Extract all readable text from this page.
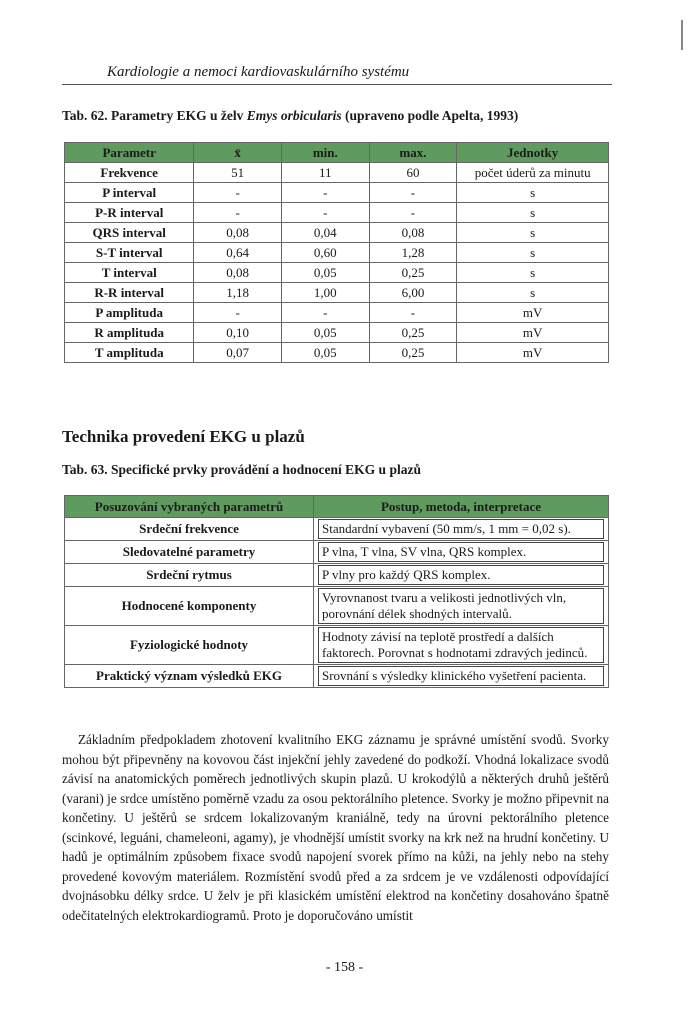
Kardiologie a nemoci kardiovaskulárního systému
Tab. 62. Parametry EKG u želv Emys orbicularis (upraveno podle Apelta, 1993)
Parametr	x̄	min.	max.	Jednotky
Frekvence	51	11	60	počet úderů za minutu
P interval	-	-	-	s
P-R interval	-	-	-	s
QRS interval	0,08	0,04	0,08	s
S-T interval	0,64	0,60	1,28	s
T interval	0,08	0,05	0,25	s
R-R interval	1,18	1,00	6,00	s
P amplituda	-	-	-	mV
R amplituda	0,10	0,05	0,25	mV
T amplituda	0,07	0,05	0,25	mV
Technika provedení EKG u plazů
Tab. 63. Specifické prvky provádění a hodnocení EKG u plazů
Posuzování vybraných parametrů	Postup, metoda, interpretace
Srdeční frekvence	Standardní vybavení (50 mm/s, 1 mm = 0,02 s).

Sledovatelné parametry	P vlna, T vlna, SV vlna, QRS komplex.

Srdeční rytmus	P vlny pro každý QRS komplex.

Hodnocené komponenty	Vyrovnanost tvaru a velikosti jednotlivých vln, porovnání délek shodných intervalů.

Fyziologické hodnoty	Hodnoty závisí na teplotě prostředí a dalších faktorech. Porovnat s hodnotami zdravých jedinců.

Praktický význam výsledků EKG	Srovnání s výsledky klinického vyšetření pacienta.
Základním předpokladem zhotovení kvalitního EKG záznamu je správné umístění svodů. Svorky mohou být připevněny na kovovou část injekční jehly zavedené do podkoží. Vhodná lokalizace svodů závisí na anatomických poměrech jednotlivých skupin plazů. U krokodýlů a některých druhů ještěrů (varani) je srdce umístěno poměrně vzadu za osou pektorálního pletence. Svorky je možno připevnit na končetiny. U ještěrů se srdcem lokalizovaným kraniálně, tedy na úrovni pektorálního pletence (scinkové, leguáni, chameleoni, agamy), je vhodnější umístit svorky na krk než na hrudní končetiny. U hadů je optimálním způsobem fixace svodů napojení svorek přímo na kůži, na jehly nebo na stehy provedené kovovým materiálem. Rozmístění svodů před a za srdcem je ve vzdálenosti odpovídající dvojnásobku délky srdce. U želv je při klasickém umístění elektrod na končetiny dosahováno špatně odečitatelných elektrokardiogramů. Proto je doporučováno umístit
- 158 -
